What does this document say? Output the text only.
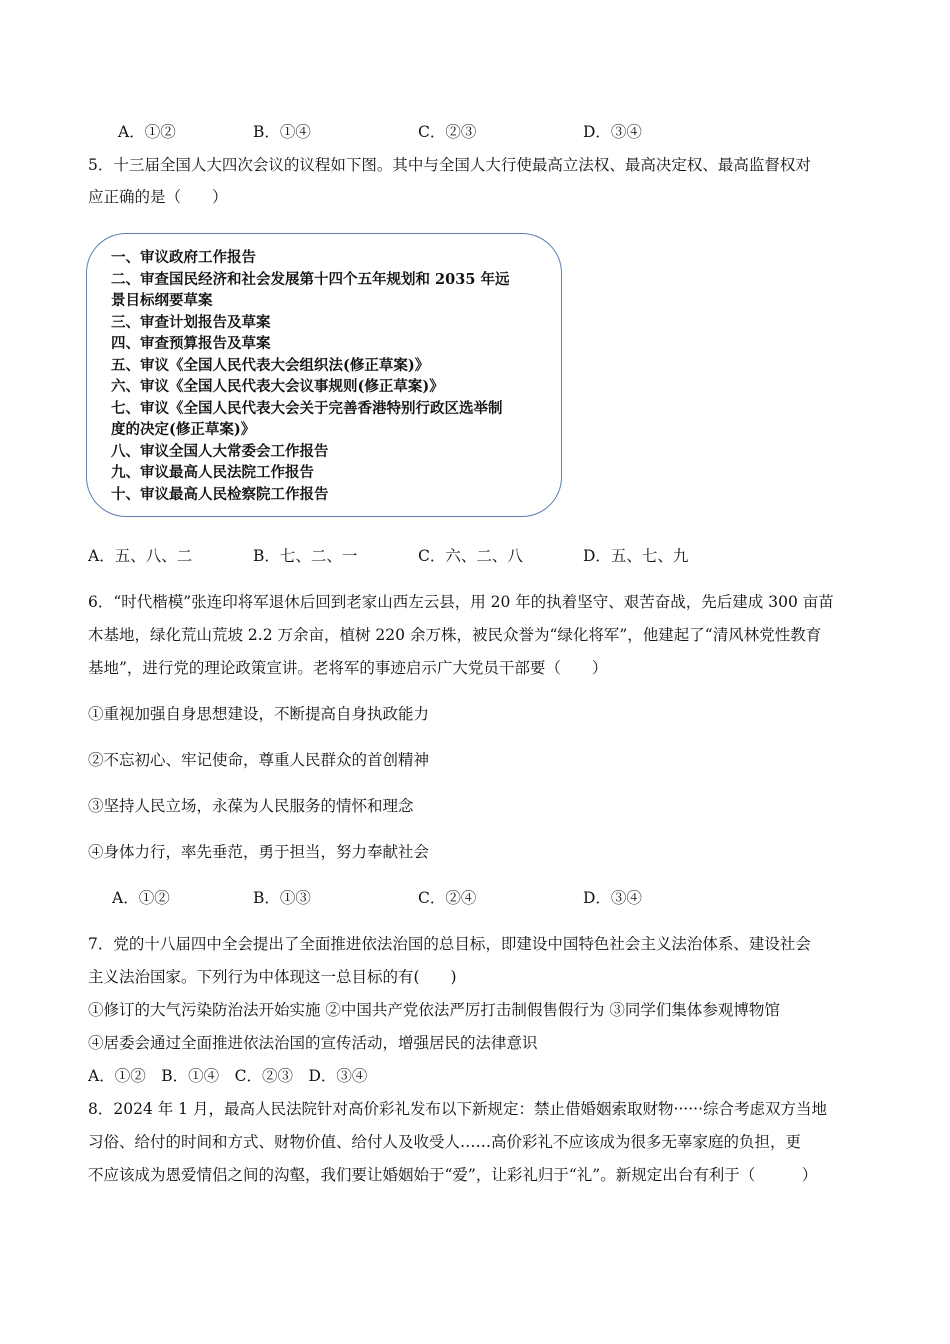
A．①②	B．①④	C．②③	D．③④
5．十三届全国人大四次会议的议程如下图。其中与全国人大行使最高立法权、最高决定权、最高监督权对
应正确的是（　　）
一、审议政府工作报告
二、审查国民经济和社会发展第十四个五年规划和 2035 年远
景目标纲要草案
三、审查计划报告及草案
四、审查预算报告及草案
五、审议《全国人民代表大会组织法(修正草案)》
六、审议《全国人民代表大会议事规则(修正草案)》
七、审议《全国人民代表大会关于完善香港特别行政区选举制
度的决定(修正草案)》
八、审议全国人大常委会工作报告
九、审议最高人民法院工作报告
十、审议最高人民检察院工作报告
A．五、八、二	B．七、二、一	C．六、二、八	D．五、七、九
6．“时代楷模”张连印将军退休后回到老家山西左云县，用 20 年的执着坚守、艰苦奋战，先后建成 300 亩苗
木基地，绿化荒山荒坡 2.2 万余亩，植树 220 余万株，被民众誉为“绿化将军”，他建起了“清风林党性教育
基地”，进行党的理论政策宣讲。老将军的事迹启示广大党员干部要（　　）
①重视加强自身思想建设，不断提高自身执政能力
②不忘初心、牢记使命，尊重人民群众的首创精神
③坚持人民立场，永葆为人民服务的情怀和理念
④身体力行，率先垂范，勇于担当，努力奉献社会
A．①②	B．①③	C．②④	D．③④
7．党的十八届四中全会提出了全面推进依法治国的总目标，即建设中国特色社会主义法治体系、建设社会
主义法治国家。下列行为中体现这一总目标的有(　　)
①修订的大气污染防治法开始实施 ②中国共产党依法严厉打击制假售假行为 ③同学们集体参观博物馆
④居委会通过全面推进依法治国的宣传活动，增强居民的法律意识
A．①②　B．①④　C．②③　D．③④
8．2024 年 1 月，最高人民法院针对高价彩礼发布以下新规定：禁止借婚姻索取财物······综合考虑双方当地
习俗、给付的时间和方式、财物价值、给付人及收受人……高价彩礼不应该成为很多无辜家庭的负担，更
不应该成为恩爱情侣之间的沟壑，我们要让婚姻始于“爱”，让彩礼归于“礼”。新规定出台有利于（　　　）
